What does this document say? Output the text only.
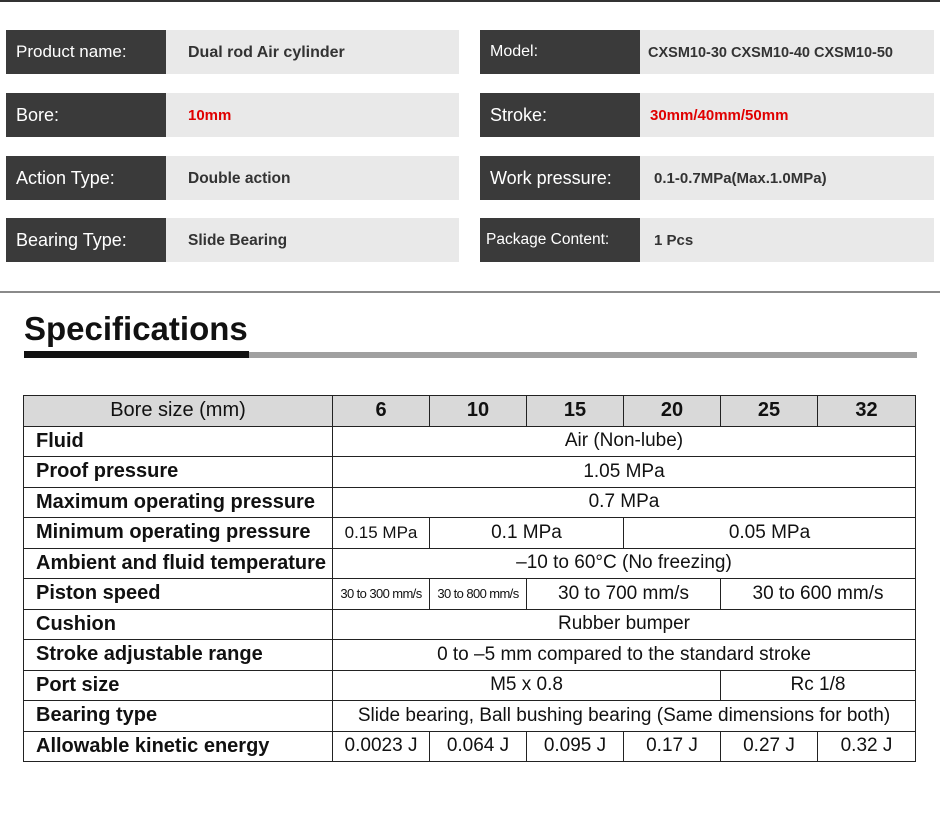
Product name:	Dual rod Air cylinder	Model:	CXSM10-30 CXSM10-40 CXSM10-50
Bore:	10mm	Stroke:	30mm/40mm/50mm
Action Type:	Double action	Work pressure:	0.1-0.7MPa(Max.1.0MPa)
Bearing Type:	Slide Bearing	Package Content:	1 Pcs
Specifications
Bore size (mm)	6	10	15	20	25	32
Fluid	Air (Non-lube)					
Proof pressure	1.05 MPa					
Maximum operating pressure	0.7 MPa					
Minimum operating pressure	0.15 MPa	0.1 MPa		0.05 MPa		
Ambient and fluid temperature	–10 to 60°C (No freezing)					
Piston speed	30 to 300 mm/s	30 to 800 mm/s	30 to 700 mm/s		30 to 600 mm/s	
Cushion	Rubber bumper					
Stroke adjustable range	0 to –5 mm compared to the standard stroke					
Port size	M5 x 0.8				Rc 1/8	
Bearing type	Slide bearing, Ball bushing bearing (Same dimensions for both)					
Allowable kinetic energy	0.0023 J	0.064 J	0.095 J	0.17 J	0.27 J	0.32 J
